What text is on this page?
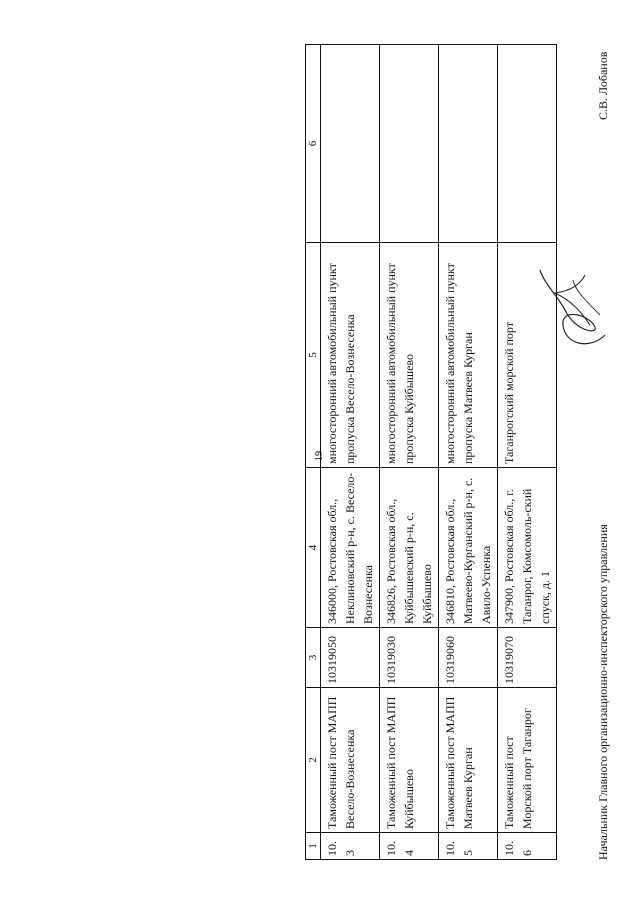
19
1	2	3	4	5	6
10.3	Таможенный пост МАПП Весело-Вознесенка	10319050	346000, Ростовская обл., Неклиновский р-н, с. Весело-Вознесенка	многосторонний автомобильный пункт пропуска Весело-Вознесенка	
10.4	Таможенный пост МАПП Куйбышево	10319030	346826, Ростовская обл., Куйбышевский р-н, с. Куйбышево	многосторонний автомобильный пункт пропуска Куйбышево	
10.5	Таможенный пост МАПП Матвеев Курган	10319060	346810, Ростовская обл., Матвеево-Курганский р-н, с. Авило-Успенка	многосторонний автомобильный пункт пропуска Матвеев Курган	
10.6	Таможенный пост Морской порт Таганрог	10319070	347900, Ростовская обл., г. Таганрог, Комсомоль-ский спуск, д. 1	Таганрогский морской порт	
Начальник Главного организационно-инспекторского управления
С.В. Лобанов
